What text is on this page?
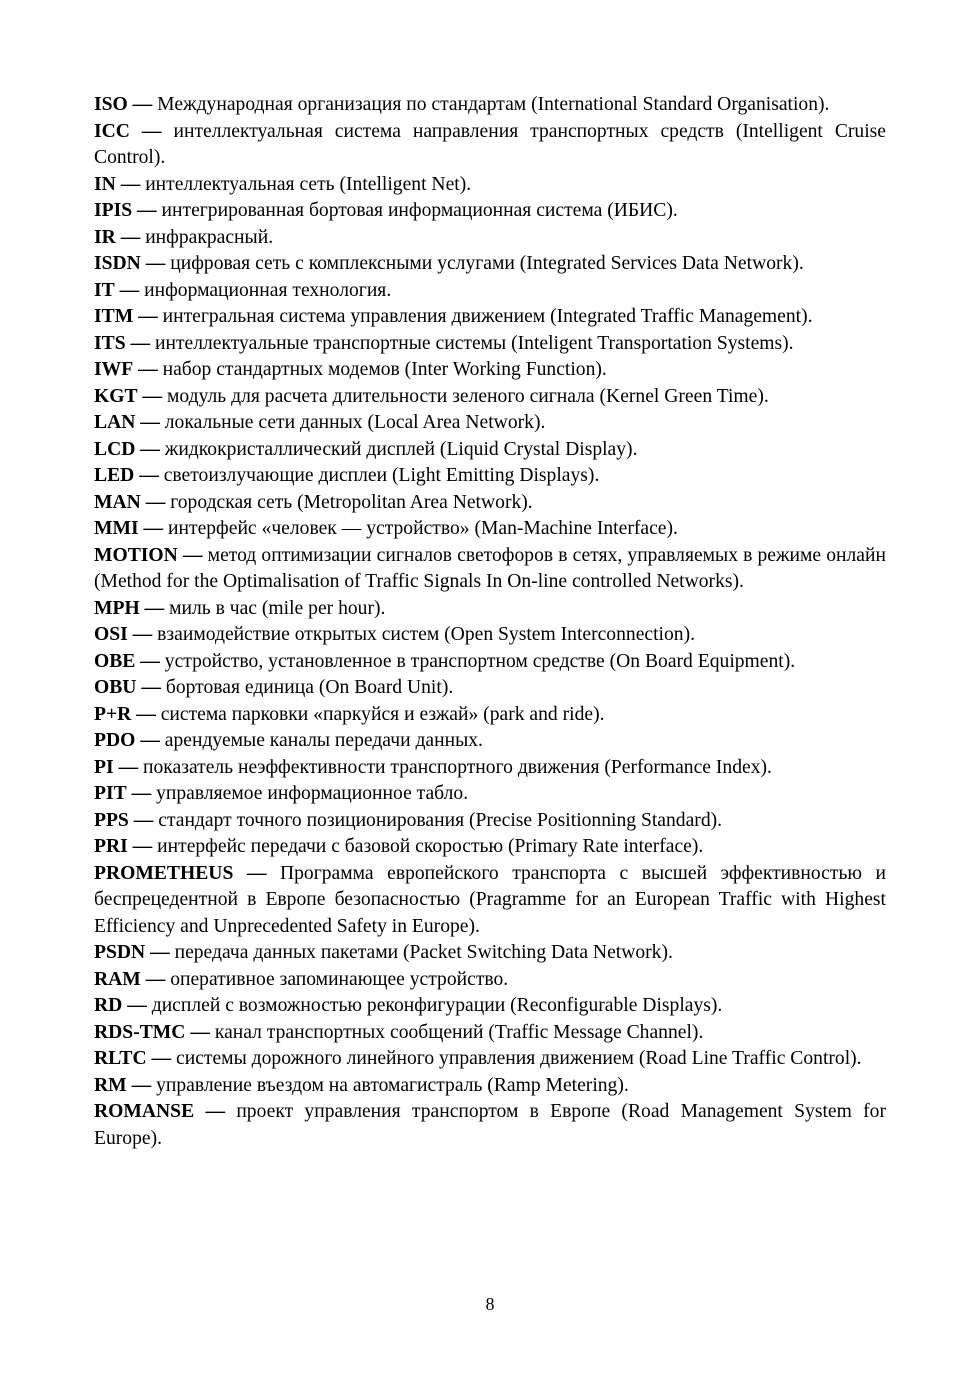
ISO — Международная организация по стандартам (International Standard Organisation).

ICC — интеллектуальная система направления транспортных средств (Intelligent Cruise Control).

IN — интеллектуальная сеть (Intelligent Net).

IPIS — интегрированная бортовая информационная система (ИБИС).

IR — инфракрасный.

ISDN — цифровая сеть с комплексными услугами (Integrated Services Data Network).

IT — информационная технология.

ITM — интегральная система управления движением (Integrated Traffic Management).

ITS — интеллектуальные транспортные системы (Inteligent Transportation Systems).

IWF — набор стандартных модемов (Inter Working Function).

KGT — модуль для расчета длительности зеленого сигнала (Kernel Green Time).

LAN — локальные сети данных (Local Area Network).

LCD — жидкокристаллический дисплей (Liquid Crystal Display).

LED — светоизлучающие дисплеи (Light Emitting Displays).

MAN — городская сеть (Metropolitan Area Network).

MMI — интерфейс «человек — устройство» (Man-Machine Interface).

MOTION — метод оптимизации сигналов светофоров в сетях, управляемых в режиме онлайн (Method for the Optimalisation of Traffic Signals In On-line controlled Networks).

MPH — миль в час (mile per hour).

OSI — взаимодействие открытых систем (Open System Interconnection).

OBE — устройство, установленное в транспортном средстве (On Board Equipment).

OBU — бортовая единица (On Board Unit).

P+R — система парковки «паркуйся и езжай» (park and ride).

PDO — арендуемые каналы передачи данных.

PI — показатель неэффективности транспортного движения (Performance Index).

PIT — управляемое информационное табло.

PPS — стандарт точного позиционирования (Precise Positionning Standard).

PRI — интерфейс передачи с базовой скоростью (Primary Rate interface).

PROMETHEUS — Программа европейского транспорта с высшей эффективностью и беспрецедентной в Европе безопасностью (Pragramme for an European Traffic with Highest Efficiency and Unprecedented Safety in Europe).

PSDN — передача данных пакетами (Packet Switching Data Network).

RAM — оперативное запоминающее устройство.

RD — дисплей с возможностью реконфигурации (Reconfigurable Displays).

RDS-TMC — канал транспортных сообщений (Traffic Message Channel).

RLTC — системы дорожного линейного управления движением (Road Line Traffic Control).

RM — управление въездом на автомагистраль (Ramp Metering).

ROMANSE — проект управления транспортом в Европе (Road Management System for Europe).

8
